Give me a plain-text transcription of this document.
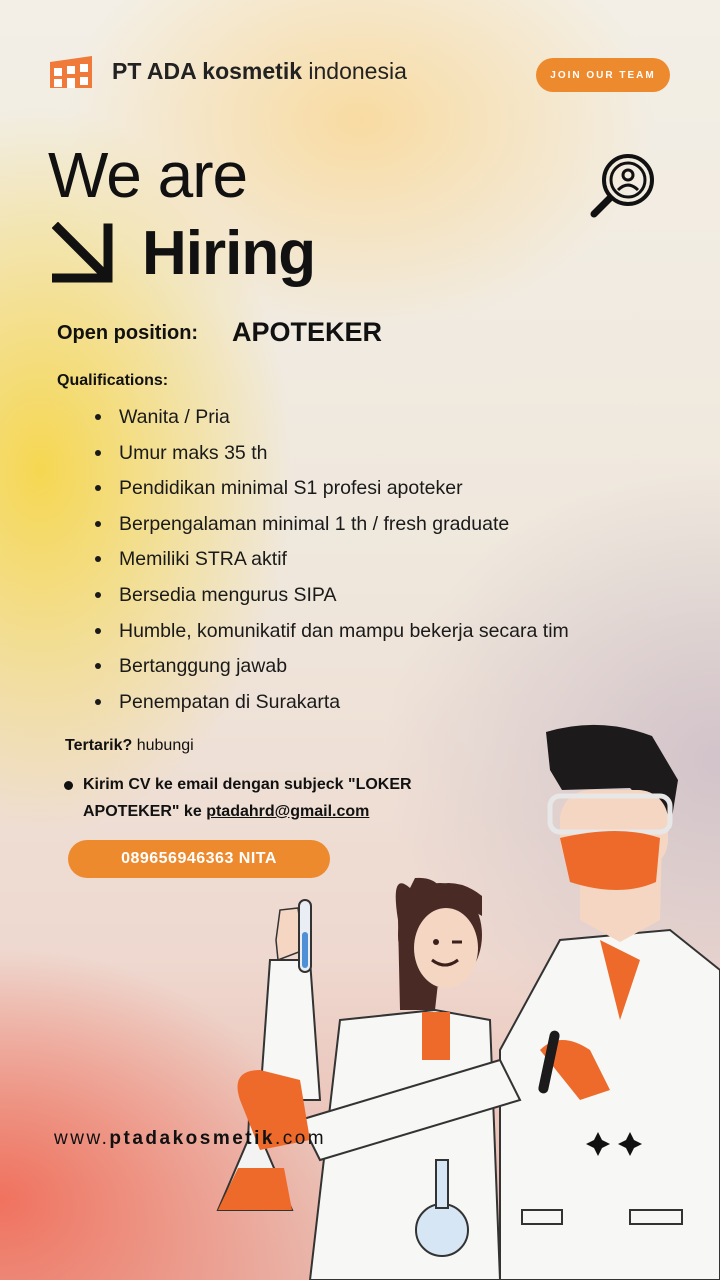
PT ADA kosmetik indonesia	JOIN OUR TEAM
We are
Hiring
Open position: APOTEKER
Qualifications:
Wanita / Pria
Umur maks 35 th
Pendidikan minimal S1 profesi apoteker
Berpengalaman minimal 1 th / fresh graduate
Memiliki STRA aktif
Bersedia mengurus SIPA
Humble, komunikatif dan mampu bekerja secara tim
Bertanggung jawab
Penempatan di Surakarta
Tertarik? hubungi
Kirim CV ke email dengan subjeck "LOKER
APOTEKER" ke ptadahrd@gmail.com
089656946363 NITA
www.ptadakosmetik.com
